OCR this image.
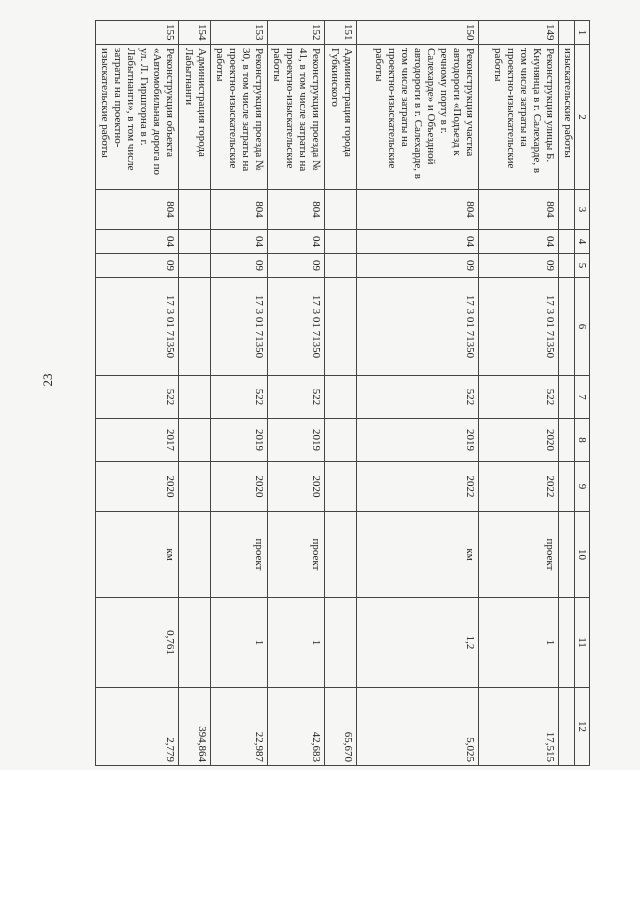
23
1	2	3	4	5	6	7	8	9	10	11	12
	изыскательские работы										
149	Реконструкция улицы Б. Кнунянца в г. Салехарде, в том числе затраты на проектно-изыскательские работы	804	04	09	17 3 01 71350	522	2020	2022	проект	1	17,515
150	Реконструкция участка автодороги «Подъезд к речному порту в г. Салехарде» и Объездной автодороги в г. Салехарде, в том числе затраты на проектно-изыскательские работы	804	04	09	17 3 01 71350	522	2019	2022	км	1,2	5,025
151	Администрация города Губкинского										65,670
152	Реконструкция проезда № 41, в том числе затраты на проектно-изыскательские работы	804	04	09	17 3 01 71350	522	2019	2020	проект	1	42,683
153	Реконструкция проезда № 30, в том числе затраты на проектно-изыскательские работы	804	04	09	17 3 01 71350	522	2019	2020	проект	1	22,987
154	Администрация города Лабытнанги										394,864
155	Реконструкция объекта «Автомобильная дорога по ул. Л. Гиршгорна в г. Лабытнанги», в том числе затраты на проектно-изыскательские работы	804	04	09	17 3 01 71350	522	2017	2020	км	0,761	2,779
